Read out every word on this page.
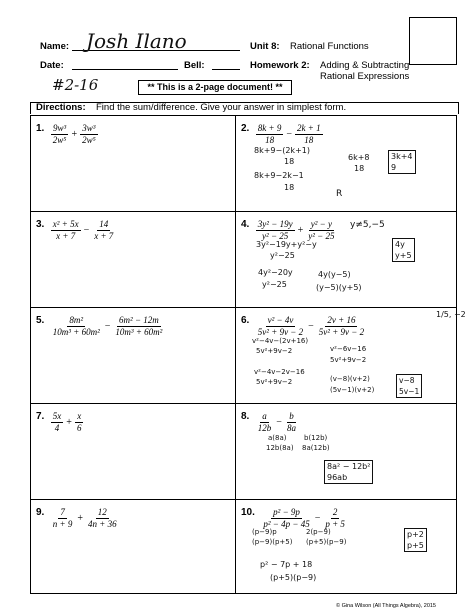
Name: Josh Ilano	Unit 8: Rational Functions
Date:	Bell:	Homework 2: Adding & Subtracting
Rational Expressions
#2-16	** This is a 2-page document! **
Directions: Find the sum/difference. Give your answer in simplest form.
1. $\frac{\text{9w³}}{\text{2w⁵}} + \frac{\text{3w³}}{\text{2w⁵}}$	2. $\frac{8k + 9}{18} - \frac{2k + 1}{18}$
3. $\frac{\text{x² + 5x}}{x + 7} - \frac{14}{x + 7}$	4. $\frac{\text{3y² − 19y}}{\text{y² − 25}} + \frac{\text{y² − y}}{\text{y² − 25}}$
5. $\frac{\text{8m²}}{\text{10m³ + 60m²}} - \frac{\text{6m² − 12m}}{\text{10m³ + 60m²}}$	6. $\frac{\text{v² − 4v}}{\text{5v² + 9v − 2}} - \frac{2v + 16}{\text{5v² + 9v − 2}}$
7. $\frac{5x}{4} + \frac{x}{6}$	8. $\frac{a}{12b} - \frac{b}{8a}$
9. $\frac{7}{n + 9} + \frac{12}{4n + 36}$	10. $\frac{\text{p² − 9p}}{\text{p² − 4p − 45}} - \frac{2}{p + 5}$
8k+9−(2k+1)
18
8k+9−2k−1
18
6k+8
18
3k+4
9
R
3y²−19y+y²−y
y²−25
4y²−20y
y²−25
4y(y−5)
(y−5)(y+5)
4y
y+5
y≠5,−5
v²−4v−(2v+16)
5v²+9v−2
v²−4v−2v−16
5v²+9v−2
v²−6v−16
5v²+9v−2
(v−8)(v+2)
(5v−1)(v+2)
v−8
5v−1
1/5, −2
a(8a)
12b(8a)
b(12b)
8a(12b)
8a² − 12b²
96ab
(p−9)p
(p−9)(p+5)
2(p−9)
(p+5)(p−9)
p² − 7p + 18
(p+5)(p−9)
p+2
p+5
© Gina Wilson (All Things Algebra), 2015
